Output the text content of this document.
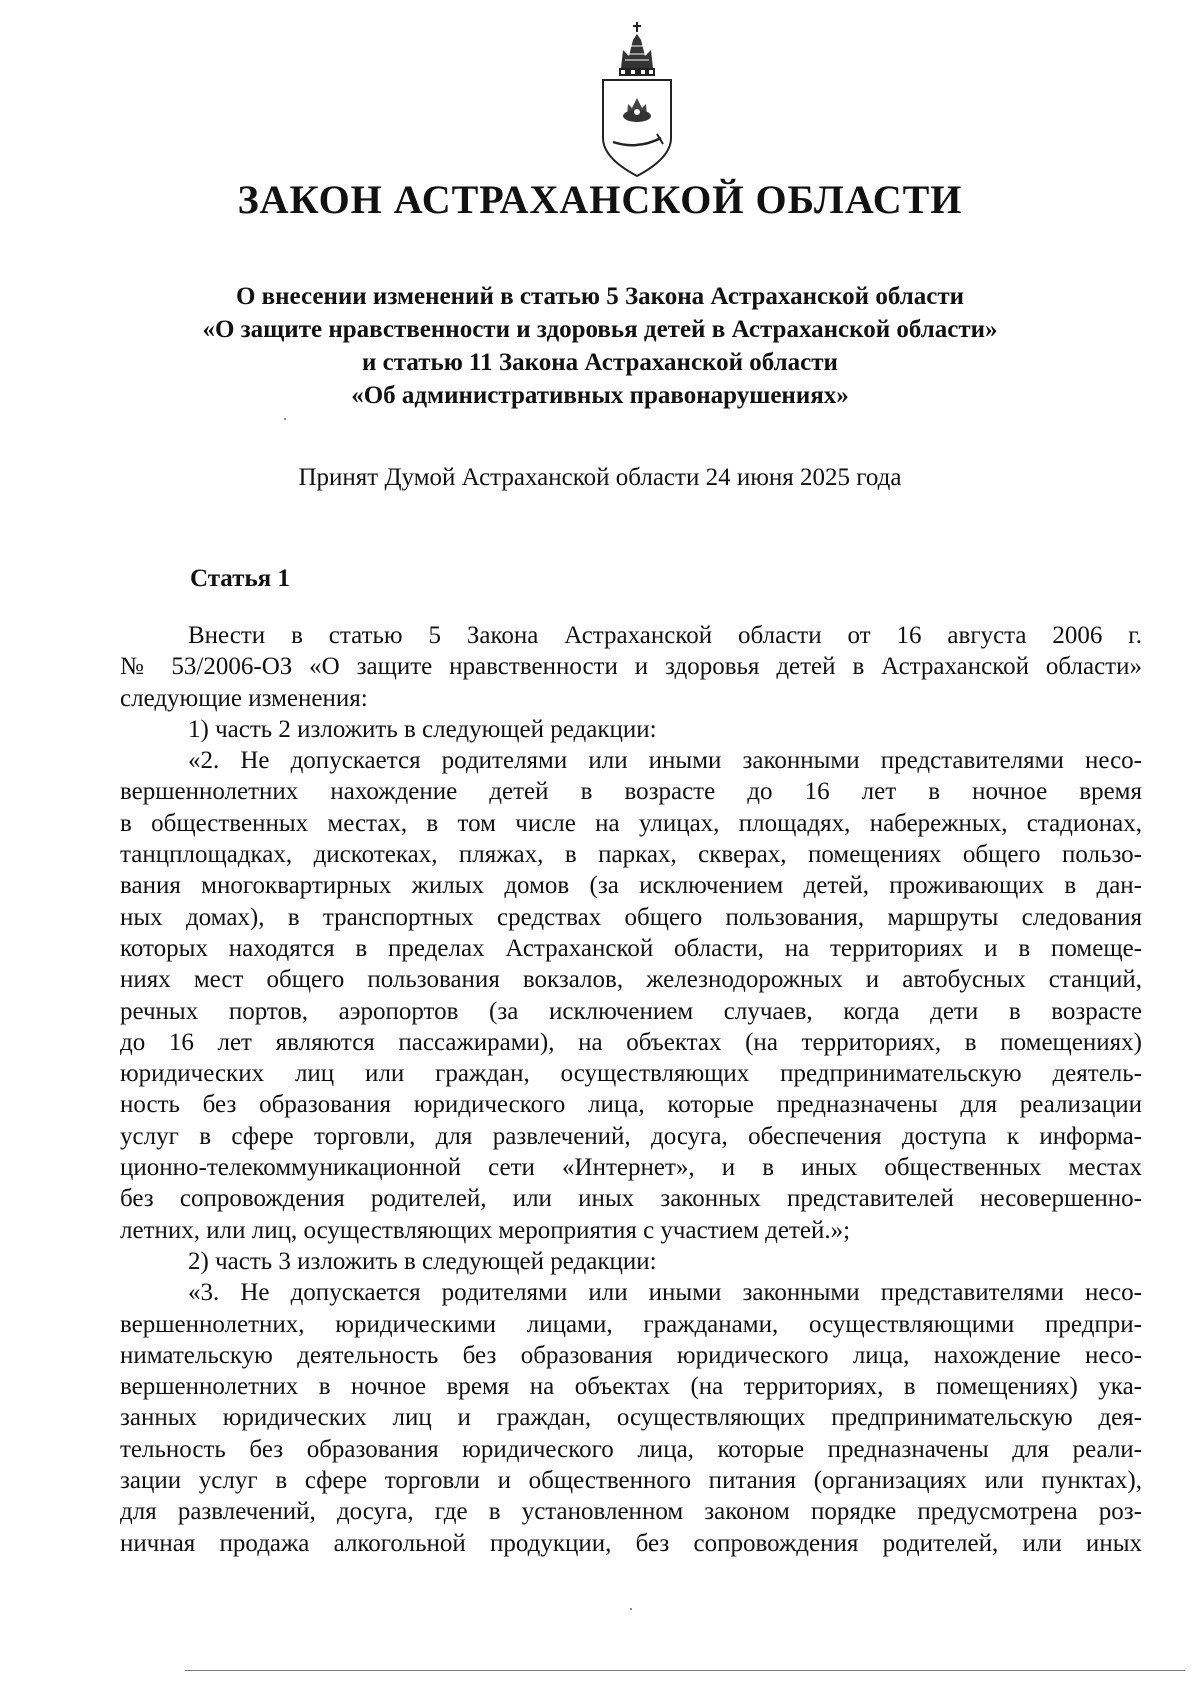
ЗАКОН АСТРАХАНСКОЙ ОБЛАСТИ
О внесении изменений в статью 5 Закона Астраханской области
«О защите нравственности и здоровья детей в Астраханской области»
и статью 11 Закона Астраханской области
«Об административных правонарушениях»
Принят Думой Астраханской области 24 июня 2025 года
Статья 1
Внести в статью 5 Закона Астраханской области от 16 августа 2006 г.
№ 53/2006-ОЗ «О защите нравственности и здоровья детей в Астраханской области»
следующие изменения:
1) часть 2 изложить в следующей редакции:
«2. Не допускается родителями или иными законными представителями несо-
вершеннолетних нахождение детей в возрасте до 16 лет в ночное время
в общественных местах, в том числе на улицах, площадях, набережных, стадионах,
танцплощадках, дискотеках, пляжах, в парках, скверах, помещениях общего пользо-
вания многоквартирных жилых домов (за исключением детей, проживающих в дан-
ных домах), в транспортных средствах общего пользования, маршруты следования
которых находятся в пределах Астраханской области, на территориях и в помеще-
ниях мест общего пользования вокзалов, железнодорожных и автобусных станций,
речных портов, аэропортов (за исключением случаев, когда дети в возрасте
до 16 лет являются пассажирами), на объектах (на территориях, в помещениях)
юридических лиц или граждан, осуществляющих предпринимательскую деятель-
ность без образования юридического лица, которые предназначены для реализации
услуг в сфере торговли, для развлечений, досуга, обеспечения доступа к информа-
ционно-телекоммуникационной сети «Интернет», и в иных общественных местах
без сопровождения родителей, или иных законных представителей несовершенно-
летних, или лиц, осуществляющих мероприятия с участием детей.»;
2) часть 3 изложить в следующей редакции:
«3. Не допускается родителями или иными законными представителями несо-
вершеннолетних, юридическими лицами, гражданами, осуществляющими предпри-
нимательскую деятельность без образования юридического лица, нахождение несо-
вершеннолетних в ночное время на объектах (на территориях, в помещениях) ука-
занных юридических лиц и граждан, осуществляющих предпринимательскую дея-
тельность без образования юридического лица, которые предназначены для реали-
зации услуг в сфере торговли и общественного питания (организациях или пунктах),
для развлечений, досуга, где в установленном законом порядке предусмотрена роз-
ничная продажа алкогольной продукции, без сопровождения родителей, или иных
